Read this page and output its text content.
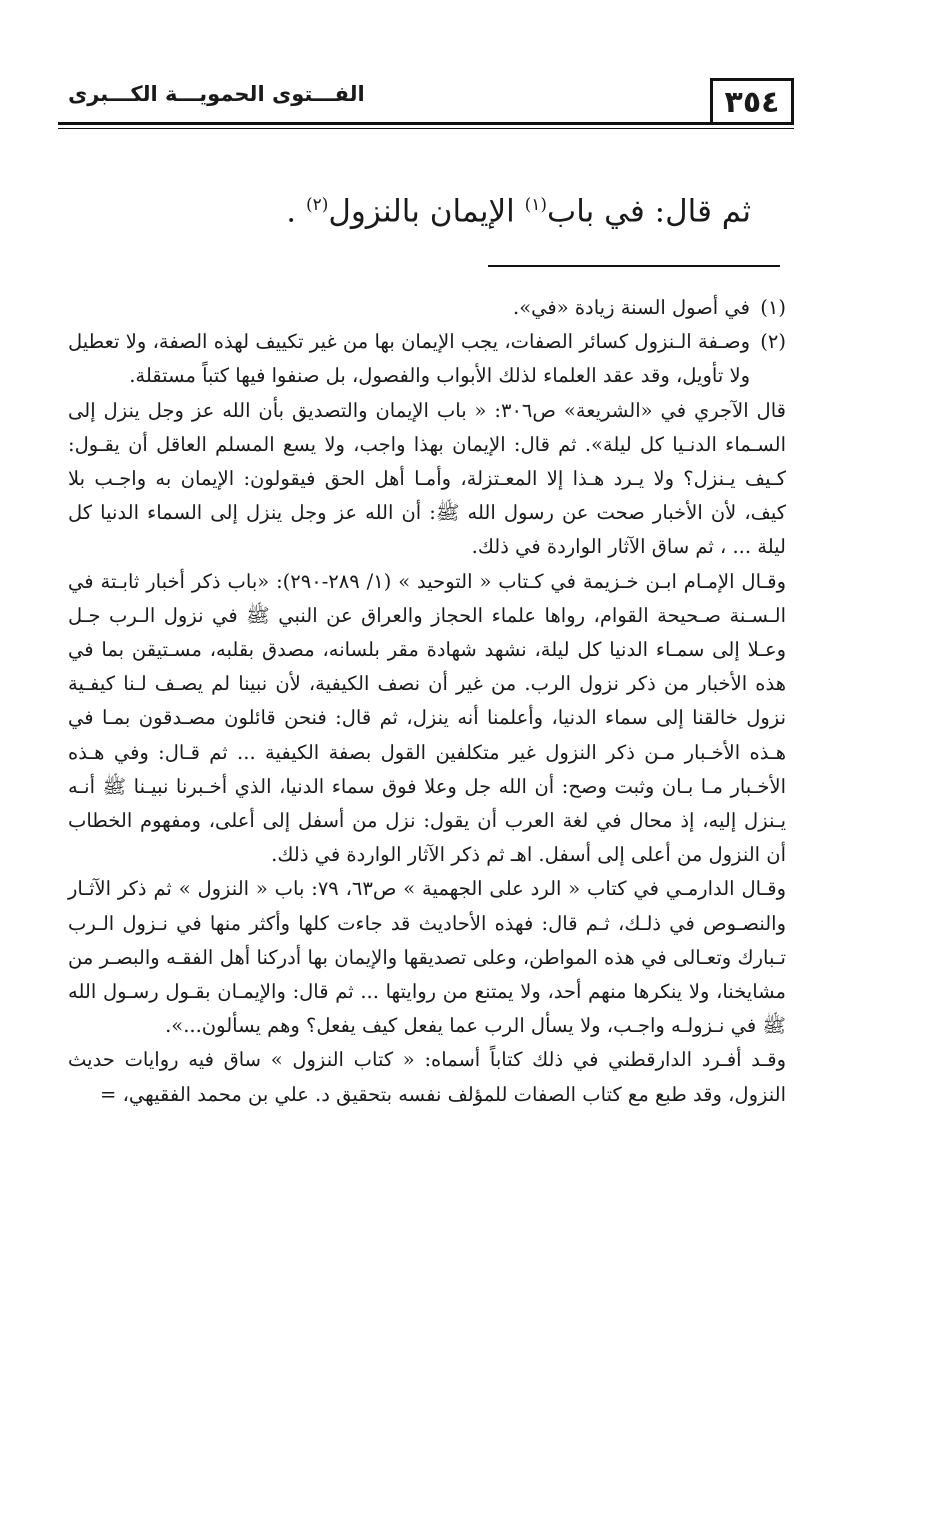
٣٥٤
الفـــتوى الحمويـــة الكـــبرى
ثم قال: في باب$^{(١)}$ الإيمان بالنزول$^{(٢)}$ .
(١)

في أصول السنة زيادة «في».

(٢)
وصـفة الـنزول كسائر الصفات، يجب الإيمان بها من غير تكييف لهذه الصفة، ولا تعطيل ولا تأويل، وقد عقد العلماء لذلك الأبواب والفصول، بل صنفوا فيها كتباً مستقلة.

قال الآجري في «الشريعة» ص٣٠٦: « باب الإيمان والتصديق بأن الله عز وجل ينزل إلى السـماء الدنـيا كل ليلة». ثم قال: الإيمان بهذا واجب، ولا يسع المسلم العاقل أن يقـول: كـيف يـنزل؟ ولا يـرد هـذا إلا المعـتزلة، وأمـا أهل الحق فيقولون: الإيمان به واجـب بلا كيف، لأن الأخبار صحت عن رسول الله ﷺ: أن الله عز وجل ينزل إلى السماء الدنيا كل ليلة ... ، ثم ساق الآثار الواردة في ذلك.

وقـال الإمـام ابـن خـزيمة في كـتاب « التوحيد » (١/ ٢٨٩-٢٩٠): «باب ذكر أخبار ثابـتة في الـسـنة صـحيحة القوام، رواها علماء الحجاز والعراق عن النبي ﷺ في نزول الـرب جـل وعـلا إلى سمـاء الدنيا كل ليلة، نشهد شهادة مقر بلسانه، مصدق بقلبه، مسـتيقن بما في هذه الأخبار من ذكر نزول الرب. من غير أن نصف الكيفية، لأن نبينا لم يصـف لـنا كيفـية نزول خالقنا إلى سماء الدنيا، وأعلمنا أنه ينزل، ثم قال: فنحن قائلون مصـدقون بمـا في هـذه الأخـبار مـن ذكر النزول غير متكلفين القول بصفة الكيفية ... ثم قـال: وفي هـذه الأخـبار مـا بـان وثبت وصح: أن الله جل وعلا فوق سماء الدنيا، الذي أخـبرنا نبيـنا ﷺ أنـه يـنزل إليه، إذ محال في لغة العرب أن يقول: نزل من أسفل إلى أعلى، ومفهوم الخطاب أن النزول من أعلى إلى أسفل. اهـ ثم ذكر الآثار الواردة في ذلك.

وقـال الدارمـي في كتاب « الرد على الجهمية » ص٦٣، ٧٩: باب « النزول » ثم ذكر الآثـار والنصـوص في ذلـك، ثـم قال: فهذه الأحاديث قد جاءت كلها وأكثر منها في نـزول الـرب تـبارك وتعـالى في هذه المواطن، وعلى تصديقها والإيمان بها أدركنا أهل الفقـه والبصـر من مشايخنا، ولا ينكرها منهم أحد، ولا يمتنع من روايتها ... ثم قال: والإيمـان بقـول رسـول الله ﷺ في نـزولـه واجـب، ولا يسأل الرب عما يفعل كيف يفعل؟ وهم يسألون...».

وقـد أفـرد الدارقطني في ذلك كتاباً أسماه: « كتاب النزول » ساق فيه روايات حديث النزول، وقد طبع مع كتاب الصفات للمؤلف نفسه بتحقيق د. علي بن محمد الفقيهي، =
